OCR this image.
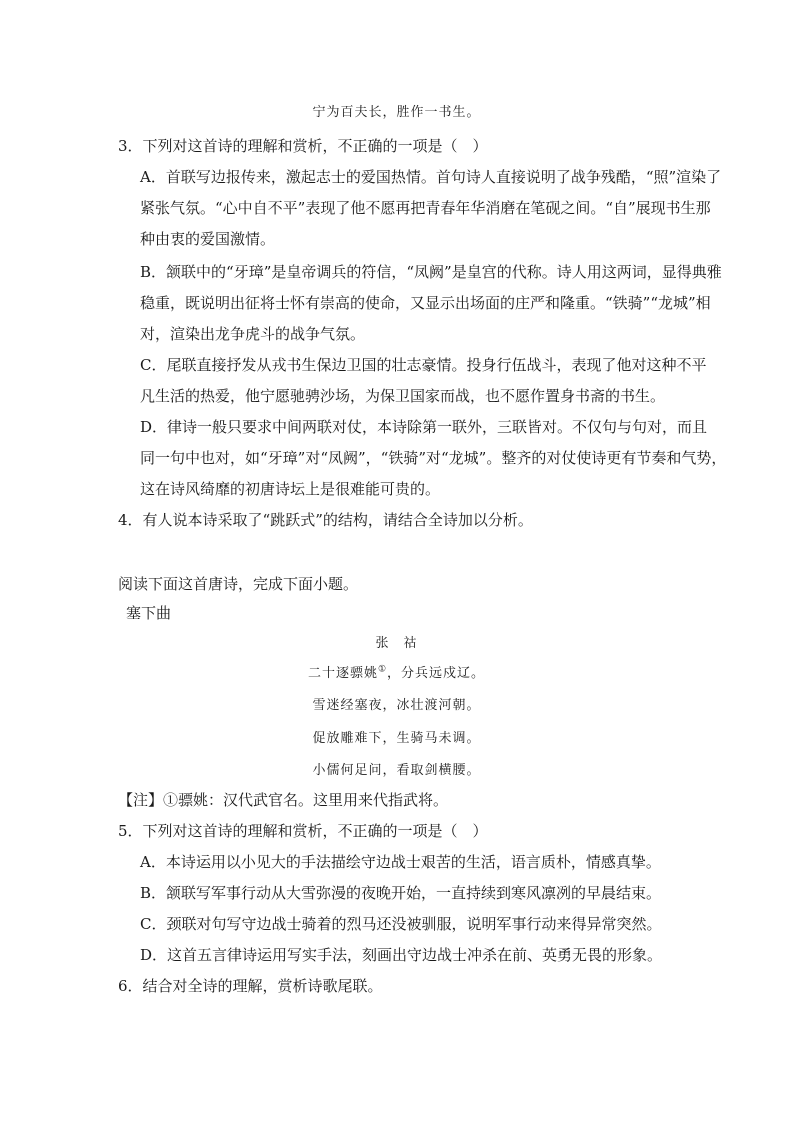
宁为百夫长，胜作一书生。
3．下列对这首诗的理解和赏析，不正确的一项是（　）
A．首联写边报传来，激起志士的爱国热情。首句诗人直接说明了战争残酷，“照”渲染了
紧张气氛。“心中自不平”表现了他不愿再把青春年华消磨在笔砚之间。“自”展现书生那
种由衷的爱国激情。
B．颔联中的“牙璋”是皇帝调兵的符信，“凤阙”是皇宫的代称。诗人用这两词，显得典雅
稳重，既说明出征将士怀有崇高的使命，又显示出场面的庄严和隆重。“铁骑”“龙城”相
对，渲染出龙争虎斗的战争气氛。
C．尾联直接抒发从戎书生保边卫国的壮志豪情。投身行伍战斗，表现了他对这种不平
凡生活的热爱，他宁愿驰骋沙场，为保卫国家而战，也不愿作置身书斋的书生。
D．律诗一般只要求中间两联对仗，本诗除第一联外，三联皆对。不仅句与句对，而且
同一句中也对，如“牙璋”对“凤阙”，“铁骑”对“龙城”。整齐的对仗使诗更有节奏和气势，
这在诗风绮靡的初唐诗坛上是很难能可贵的。
4．有人说本诗采取了“跳跃式”的结构，请结合全诗加以分析。
阅读下面这首唐诗，完成下面小题。
塞下曲
张　祜
二十逐骠姚①，分兵远戍辽。
雪迷经塞夜，冰壮渡河朝。
促放雕难下，生骑马未调。
小儒何足问，看取剑横腰。
【注】①骠姚：汉代武官名。这里用来代指武将。
5．下列对这首诗的理解和赏析，不正确的一项是（　）
A．本诗运用以小见大的手法描绘守边战士艰苦的生活，语言质朴，情感真挚。
B．颔联写军事行动从大雪弥漫的夜晚开始，一直持续到寒风凛冽的早晨结束。
C．颈联对句写守边战士骑着的烈马还没被驯服，说明军事行动来得异常突然。
D．这首五言律诗运用写实手法，刻画出守边战士冲杀在前、英勇无畏的形象。
6．结合对全诗的理解，赏析诗歌尾联。
